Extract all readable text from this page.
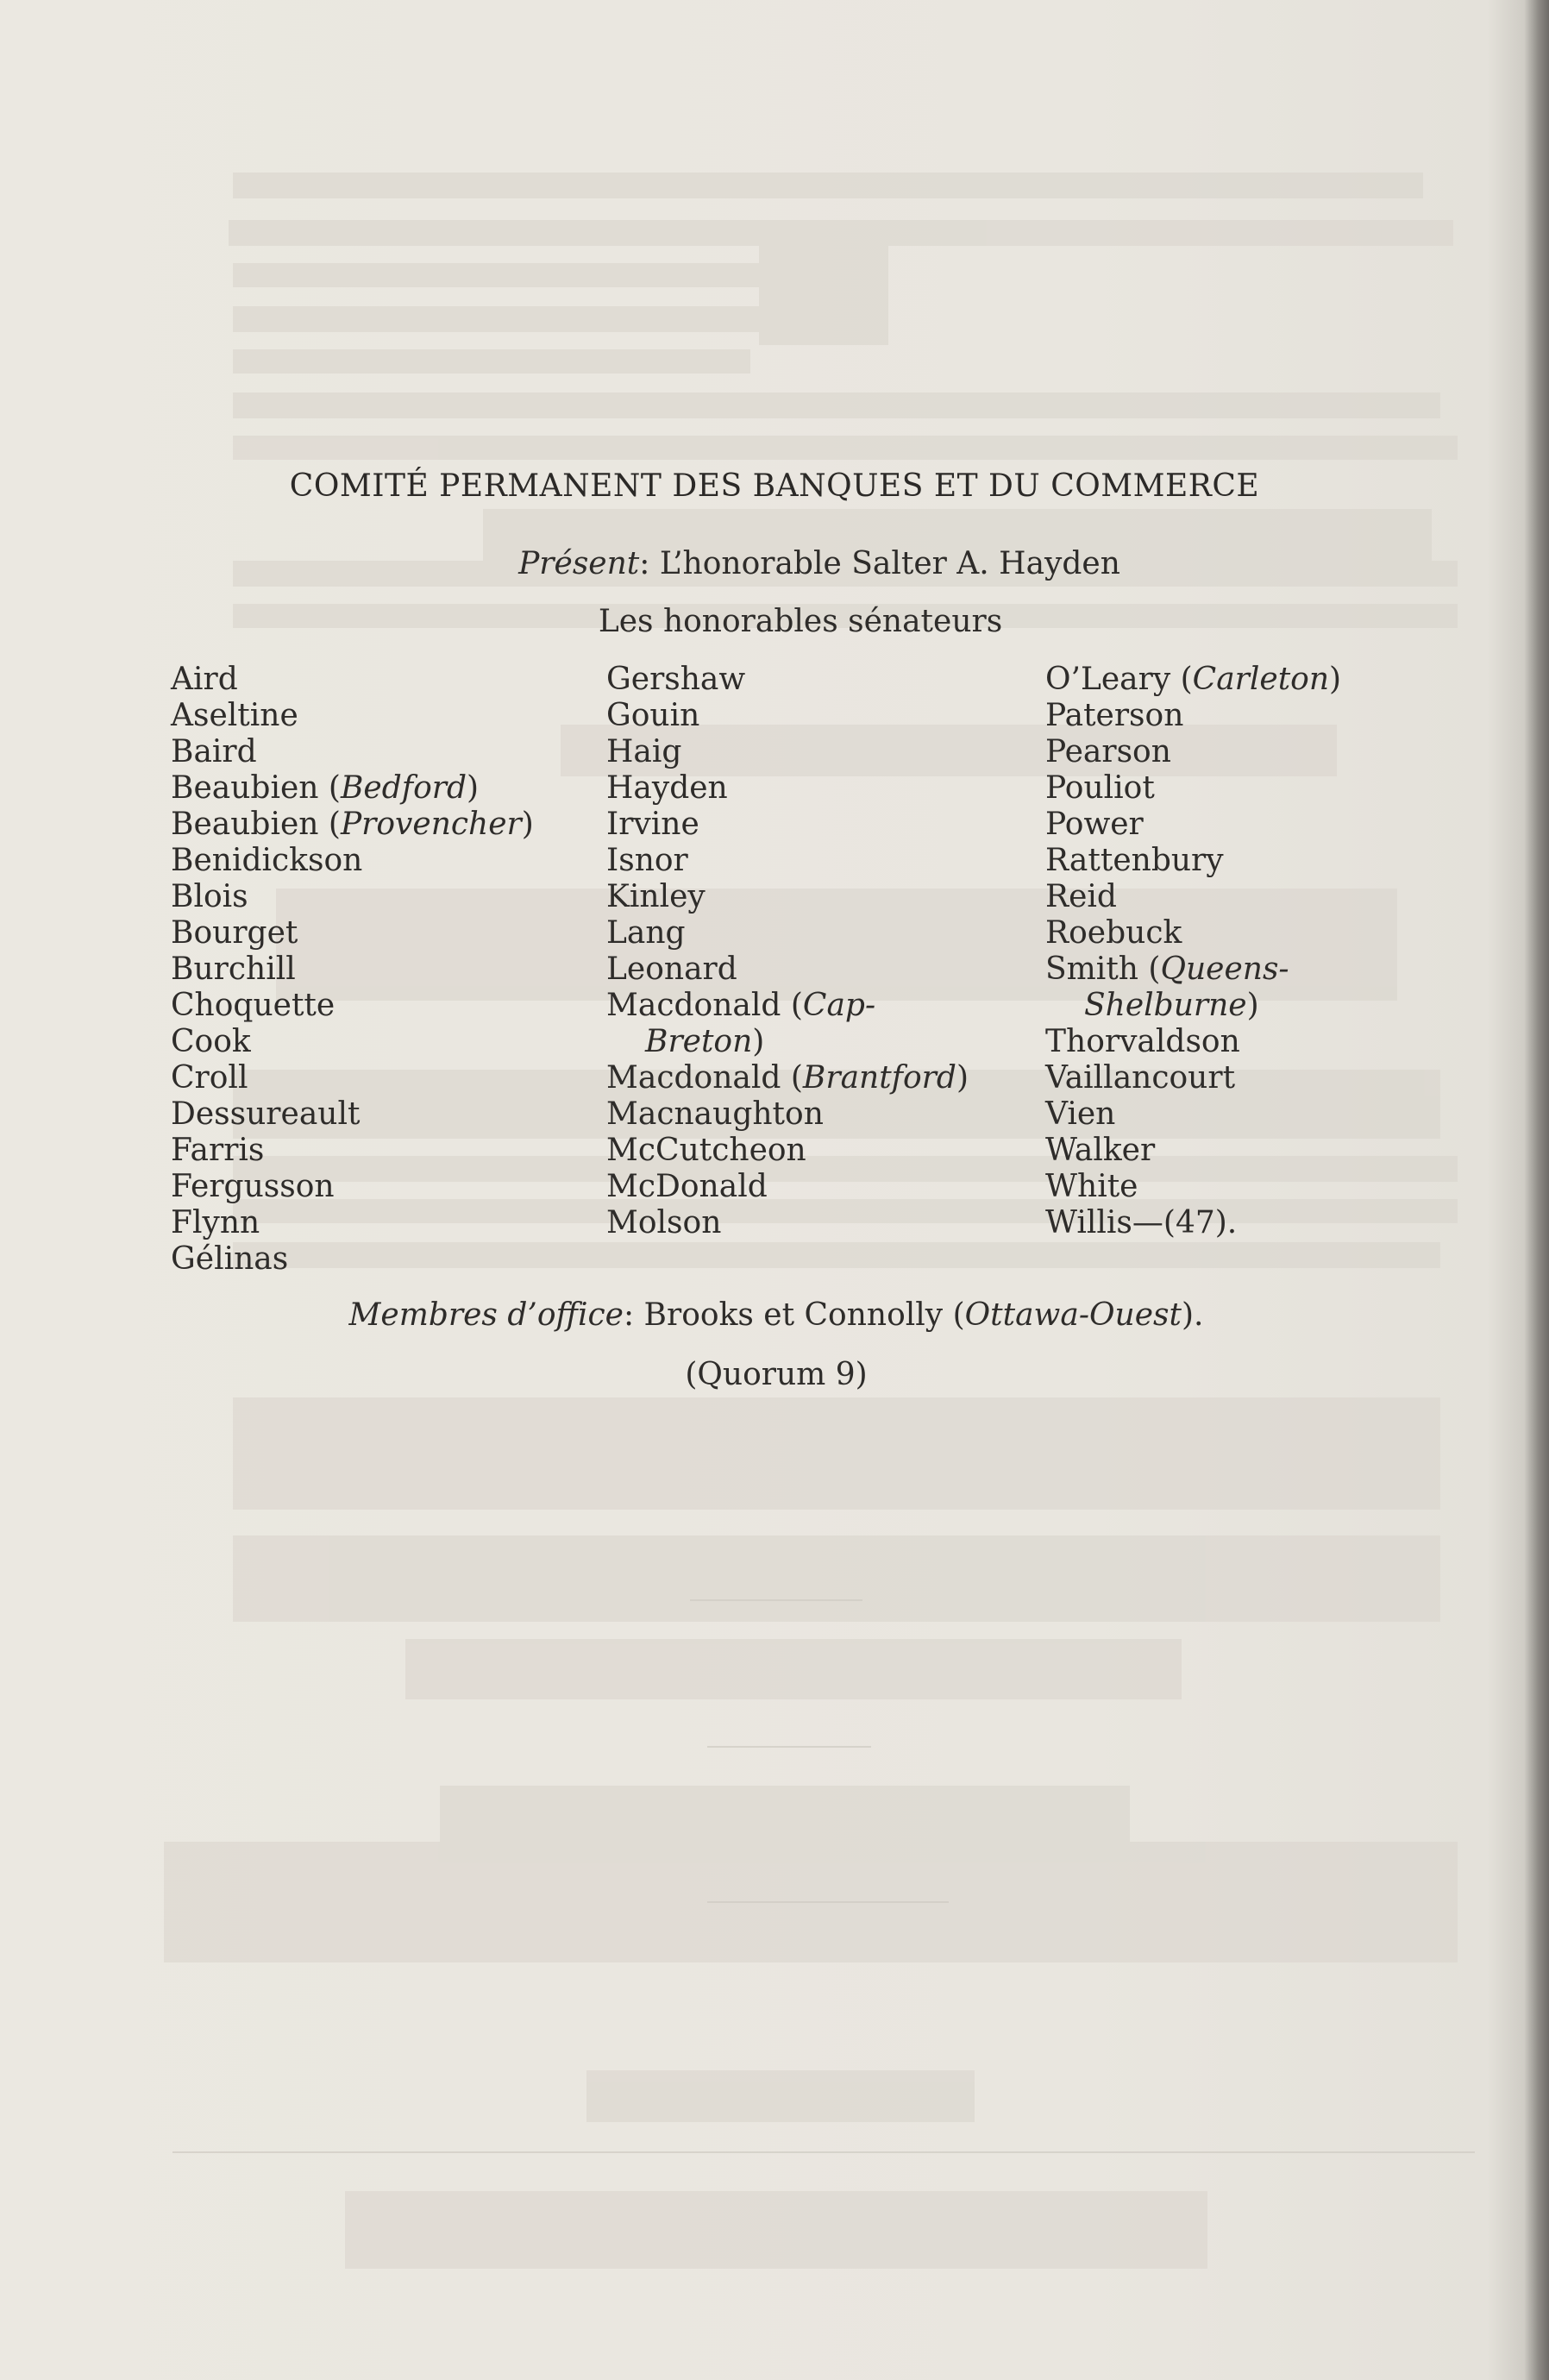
COMITÉ PERMANENT DES BANQUES ET DU COMMERCE
Présent: L’honorable Salter A. Hayden
Les honorables sénateurs
Aird
Aseltine
Baird
Beaubien (Bedford)
Beaubien (Provencher)
Benidickson
Blois
Bourget
Burchill
Choquette
Cook
Croll
Dessureault
Farris
Fergusson
Flynn
Gélinas
Gershaw
Gouin
Haig
Hayden
Irvine
Isnor
Kinley
Lang
Leonard
Macdonald (Cap-
Breton)
Macdonald (Brantford)
Macnaughton
McCutcheon
McDonald
Molson
O’Leary (Carleton)
Paterson
Pearson
Pouliot
Power
Rattenbury
Reid
Roebuck
Smith (Queens-
Shelburne)
Thorvaldson
Vaillancourt
Vien
Walker
White
Willis—(47).
Membres d’office: Brooks et Connolly (Ottawa-Ouest).
(Quorum 9)
